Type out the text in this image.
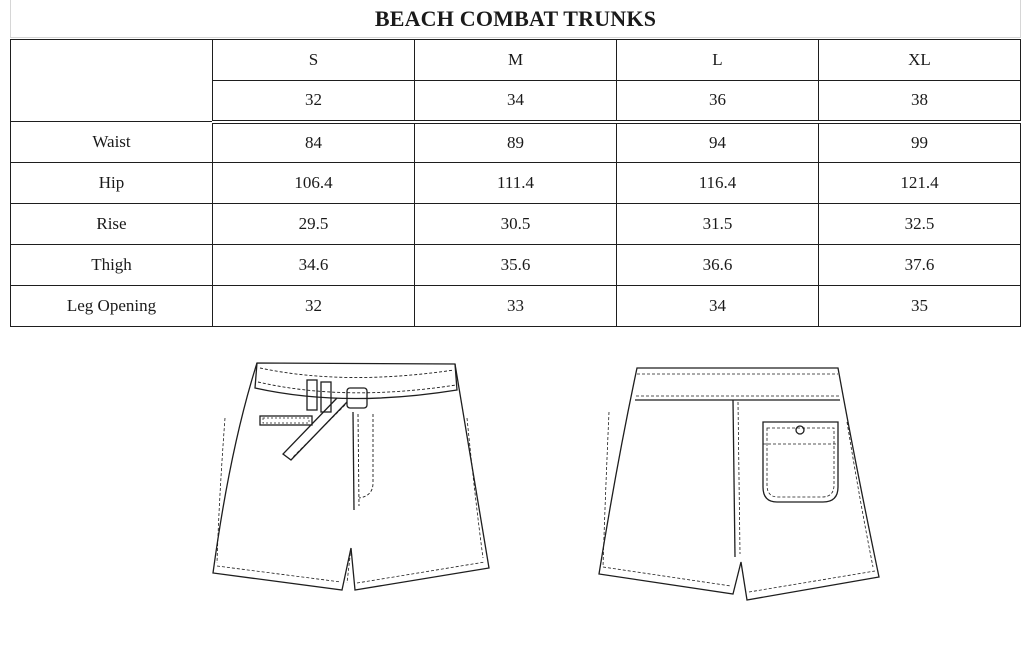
BEACH COMBAT TRUNKS
	S	M	L	XL
	32	34	36	38
Waist	84	89	94	99
Hip	106.4	111.4	116.4	121.4
Rise	29.5	30.5	31.5	32.5
Thigh	34.6	35.6	36.6	37.6
Leg Opening	32	33	34	35
